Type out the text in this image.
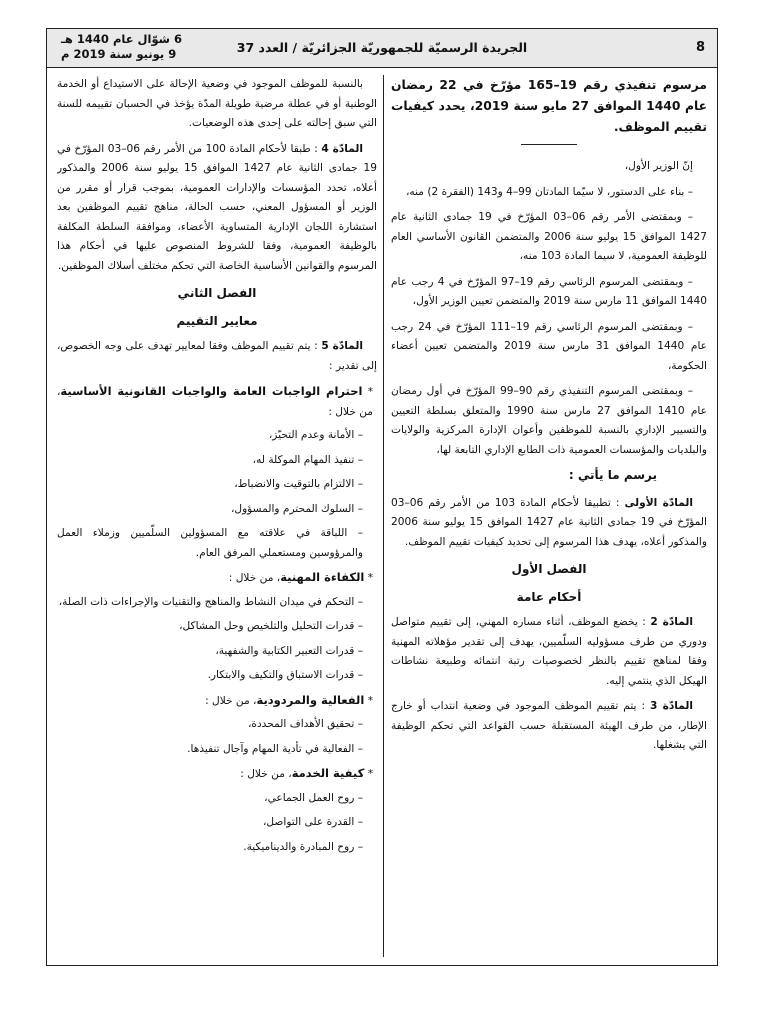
8
الجريدة الرسميّة للجمهوريّة الجزائريّة / العدد 37
6 شوّال عام 1440 هـ
9 يونيو سنة 2019 م

مرسوم تنفيذي رقم 19–165 مؤرّخ في 22 رمضان عام 1440 الموافق 27 مايو سنة 2019، يحدد كيفيات تقييم الموظف.

إنّ الوزير الأول،

– بناء على الدستور، لا سيّما المادتان 99–4 و143 (الفقرة 2) منه،

– وبمقتضى الأمر رقم 06–03 المؤرّخ في 19 جمادى الثانية عام 1427 الموافق 15 يوليو سنة 2006 والمتضمن القانون الأساسي العام للوظيفة العمومية، لا سيما المادة 103 منه،

– وبمقتضى المرسوم الرئاسي رقم 19–97 المؤرّخ في 4 رجب عام 1440 الموافق 11 مارس سنة 2019 والمتضمن تعيين الوزير الأول،

– وبمقتضى المرسوم الرئاسي رقم 19–111 المؤرّخ في 24 رجب عام 1440 الموافق 31 مارس سنة 2019 والمتضمن تعيين أعضاء الحكومة،

– وبمقتضى المرسوم التنفيذي رقم 90–99 المؤرّخ في أول رمضان عام 1410 الموافق 27 مارس سنة 1990 والمتعلق بسلطة التعيين والتسيير الإداري بالنسبة للموظفين وأعوان الإدارة المركزية والولايات والبلديات والمؤسسات العمومية ذات الطابع الإداري التابعة لها،

يرسم ما يأتي :

المادّة الأولى : تطبيقا لأحكام المادة 103 من الأمر رقم 06–03 المؤرّخ في 19 جمادى الثانية عام 1427 الموافق 15 يوليو سنة 2006 والمذكور أعلاه، يهدف هذا المرسوم إلى تحديد كيفيات تقييم الموظف.

الفصل الأول

أحكام عامة

المادّة 2 : يخضع الموظف، أثناء مساره المهني، إلى تقييم متواصل ودوري من طرف مسؤوليه السلّميين، يهدف إلى تقدير مؤهلاته المهنية وفقا لمناهج تقييم بالنظر لخصوصيات رتبة انتمائه وطبيعة نشاطات الهيكل الذي ينتمي إليه.

المادّة 3 : يتم تقييم الموظف الموجود في وضعية انتداب أو خارج الإطار، من طرف الهيئة المستقبلة حسب القواعد التي تحكم الوظيفة التي يشغلها.

بالنسبة للموظف الموجود في وضعية الإحالة على الاستيداع أو الخدمة الوطنية أو في عطلة مرضية طويلة المدّة يؤخذ في الحسبان تقييمه للسنة التي سبق إحالته على إحدى هذه الوضعيات.

المادّة 4 : طبقا لأحكام المادة 100 من الأمر رقم 06–03 المؤرّخ في 19 جمادى الثانية عام 1427 الموافق 15 يوليو سنة 2006 والمذكور أعلاه، تحدد المؤسسات والإدارات العمومية، بموجب قرار أو مقرر من الوزير أو المسؤول المعني، حسب الحالة، مناهج تقييم الموظفين بعد استشارة اللجان الإدارية المتساوية الأعضاء، وموافقة السلطة المكلفة بالوظيفة العمومية، وفقا للشروط المنصوص عليها في أحكام هذا المرسوم والقوانين الأساسية الخاصة التي تحكم مختلف أسلاك الموظفين.

الفصل الثاني

معايير التقييم

المادّة 5 : يتم تقييم الموظف وفقا لمعايير تهدف على وجه الخصوص، إلى تقدير :

* احترام الواجبات العامة والواجبات القانونية الأساسية، من خلال :

– الأمانة وعدم التحيّز،

– تنفيذ المهام الموكلة له،

– الالتزام بالتوقيت والانضباط،

– السلوك المحترم والمسؤول،

– اللباقة في علاقته مع المسؤولين السلّميين وزملاء العمل والمرؤوسين ومستعملي المرفق العام.

* الكفاءة المهنية، من خلال :

– التحكم في ميدان النشاط والمناهج والتقنيات والإجراءات ذات الصلة،

– قدرات التحليل والتلخيص وحل المشاكل،

– قدرات التعبير الكتابية والشفهية،

– قدرات الاستباق والتكيف والابتكار.

* الفعالية والمردودية، من خلال :

– تحقيق الأهداف المحددة،

– الفعالية في تأدية المهام وآجال تنفيذها.

* كيفية الخدمة، من خلال :

– روح العمل الجماعي،

– القدرة على التواصل،

– روح المبادرة والديناميكية.
